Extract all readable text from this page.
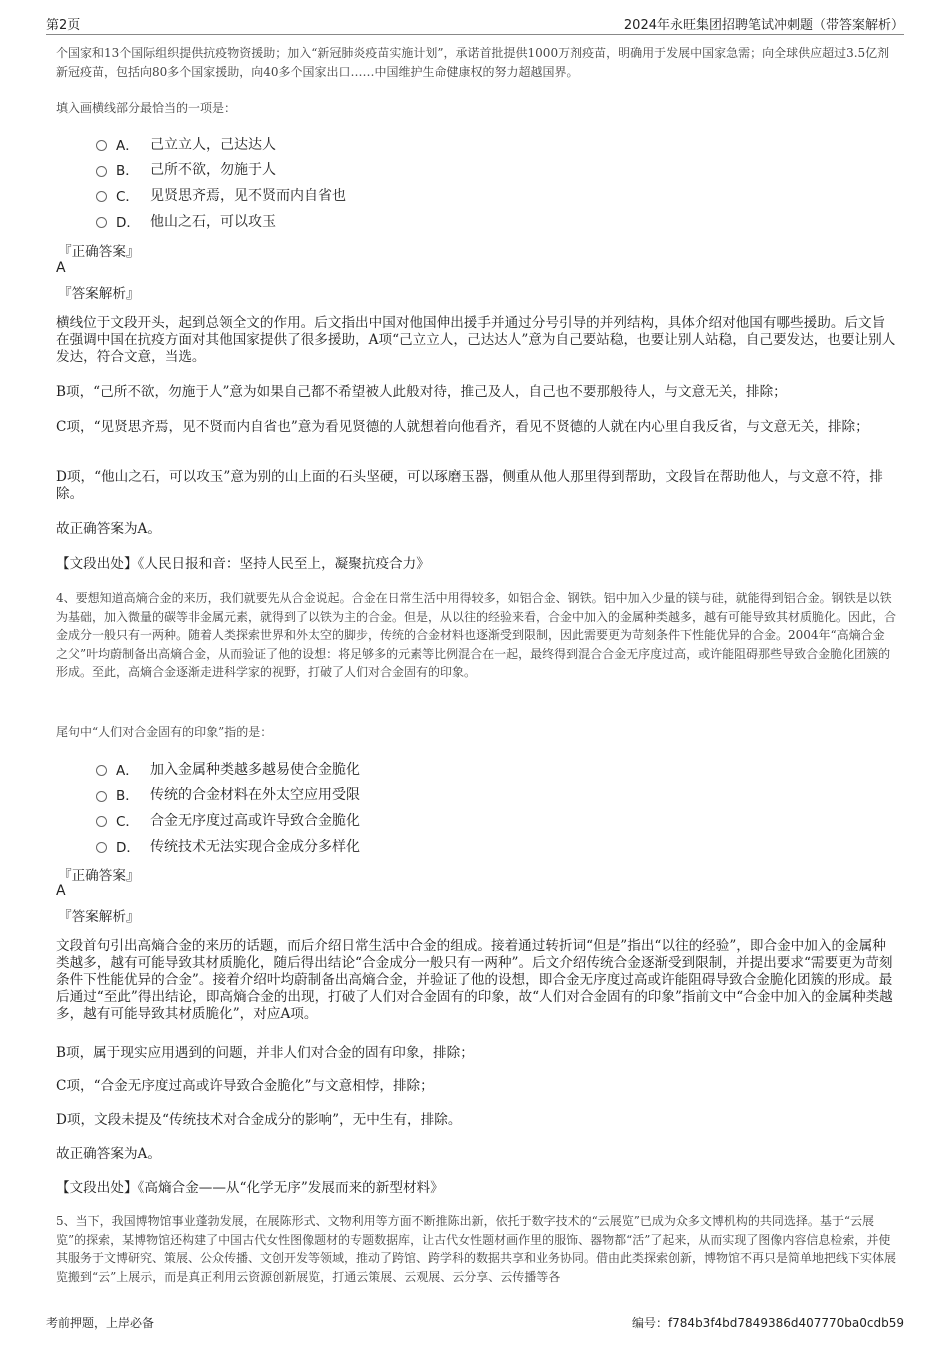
第2页	2024年永旺集团招聘笔试冲刺题（带答案解析）

个国家和13个国际组织提供抗疫物资援助；加入“新冠肺炎疫苗实施计划”，承诺首批提供1000万剂疫苗，明确用于发展中国家急需；向全球供应超过3.5亿剂新冠疫苗，包括向80多个国家援助，向40多个国家出口……中国维护生命健康权的努力超越国界。

填入画横线部分最恰当的一项是：

A． 己立立人，己达达人
B． 己所不欲，勿施于人
C． 见贤思齐焉，见不贤而内自省也
D． 他山之石，可以攻玉
『正确答案』
A
『答案解析』

横线位于文段开头，起到总领全文的作用。后文指出中国对他国伸出援手并通过分号引导的并列结构，具体介绍对他国有哪些援助。后文旨在强调中国在抗疫方面对其他国家提供了很多援助，A项“己立立人，己达达人”意为自己要站稳，也要让别人站稳，自己要发达，也要让别人发达，符合文意，当选。

B项，“己所不欲，勿施于人”意为如果自己都不希望被人此般对待，推己及人，自己也不要那般待人，与文意无关，排除；

C项，“见贤思齐焉，见不贤而内自省也”意为看见贤德的人就想着向他看齐，看见不贤德的人就在内心里自我反省，与文意无关，排除；

D项，“他山之石，可以攻玉”意为别的山上面的石头坚硬，可以琢磨玉器，侧重从他人那里得到帮助，文段旨在帮助他人，与文意不符，排除。

故正确答案为A。

【文段出处】《人民日报和音：坚持人民至上，凝聚抗疫合力》

4、要想知道高熵合金的来历，我们就要先从合金说起。合金在日常生活中用得较多，如铝合金、钢铁。铝中加入少量的镁与硅，就能得到铝合金。钢铁是以铁为基础，加入微量的碳等非金属元素，就得到了以铁为主的合金。但是，从以往的经验来看，合金中加入的金属种类越多，越有可能导致其材质脆化。因此，合金成分一般只有一两种。随着人类探索世界和外太空的脚步，传统的合金材料也逐渐受到限制，因此需要更为苛刻条件下性能优异的合金。2004年“高熵合金之父”叶均蔚制备出高熵合金，从而验证了他的设想：将足够多的元素等比例混合在一起，最终得到混合合金无序度过高，或许能阻碍那些导致合金脆化团簇的形成。至此，高熵合金逐渐走进科学家的视野，打破了人们对合金固有的印象。

尾句中“人们对合金固有的印象”指的是：

A． 加入金属种类越多越易使合金脆化
B． 传统的合金材料在外太空应用受限
C． 合金无序度过高或许导致合金脆化
D． 传统技术无法实现合金成分多样化
『正确答案』
A
『答案解析』

文段首句引出高熵合金的来历的话题，而后介绍日常生活中合金的组成。接着通过转折词“但是”指出“以往的经验”，即合金中加入的金属种类越多，越有可能导致其材质脆化，随后得出结论“合金成分一般只有一两种”。后文介绍传统合金逐渐受到限制，并提出要求“需要更为苛刻条件下性能优异的合金”。接着介绍叶均蔚制备出高熵合金，并验证了他的设想，即合金无序度过高或许能阻碍导致合金脆化团簇的形成。最后通过“至此”得出结论，即高熵合金的出现，打破了人们对合金固有的印象，故“人们对合金固有的印象”指前文中“合金中加入的金属种类越多，越有可能导致其材质脆化”，对应A项。

B项，属于现实应用遇到的问题，并非人们对合金的固有印象，排除；

C项，“合金无序度过高或许导致合金脆化”与文意相悖，排除；

D项，文段未提及“传统技术对合金成分的影响”，无中生有，排除。

故正确答案为A。

【文段出处】《高熵合金——从“化学无序”发展而来的新型材料》

5、当下，我国博物馆事业蓬勃发展，在展陈形式、文物利用等方面不断推陈出新，依托于数字技术的“云展览”已成为众多文博机构的共同选择。基于“云展览”的探索，某博物馆还构建了中国古代女性图像题材的专题数据库，让古代女性题材画作里的服饰、器物都“活”了起来，从而实现了图像内容信息检索，并使其服务于文博研究、策展、公众传播、文创开发等领域，推动了跨馆、跨学科的数据共享和业务协同。借由此类探索创新，博物馆不再只是简单地把线下实体展览搬到“云”上展示，而是真正利用云资源创新展览，打通云策展、云观展、云分享、云传播等各

考前押题，上岸必备	编号：f784b3f4bd7849386d407770ba0cdb59
